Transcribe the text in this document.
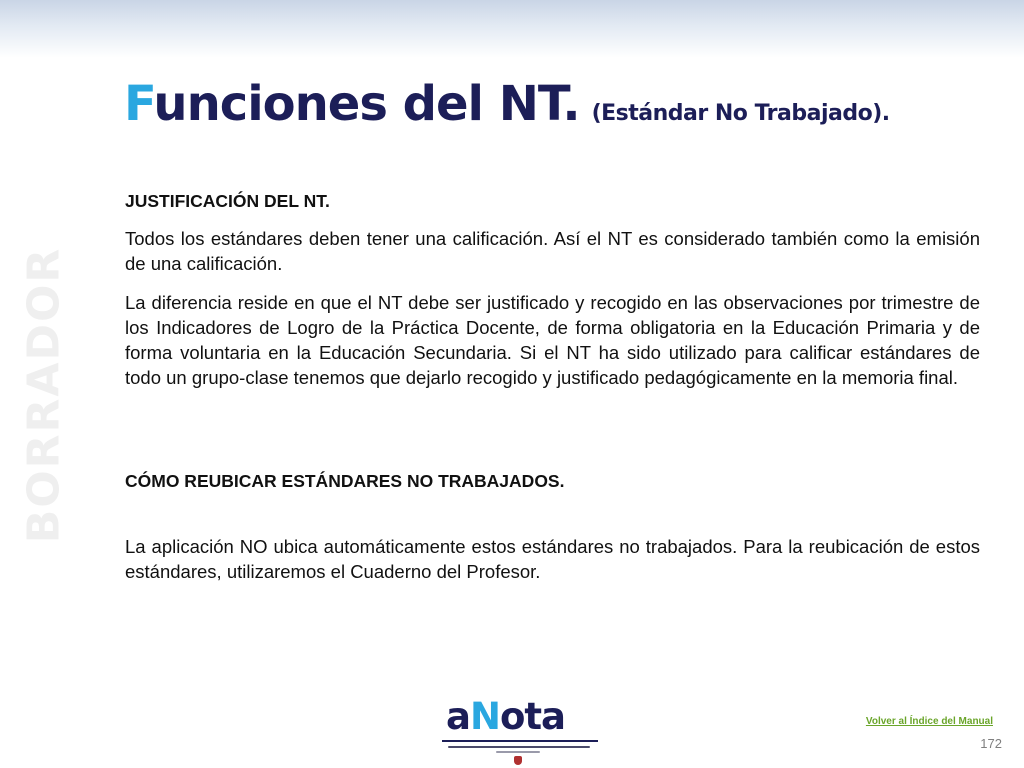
BORRADOR
Funciones del NT. (Estándar No Trabajado).

JUSTIFICACIÓN DEL NT.

Todos los estándares deben tener una calificación. Así el NT es considerado también como la emisión de una calificación.

La diferencia reside en que el NT debe ser justificado y recogido en las observaciones por trimestre de los Indicadores de Logro de la Práctica Docente, de forma obligatoria en la Educación Primaria y de forma voluntaria en la Educación Secundaria. Si el NT ha sido utilizado para calificar estándares de todo un grupo-clase tenemos que dejarlo recogido y justificado pedagógicamente en la memoria final.

CÓMO REUBICAR ESTÁNDARES NO TRABAJADOS.

La aplicación NO ubica automáticamente estos estándares no trabajados. Para la reubicación de estos estándares, utilizaremos el Cuaderno del Profesor.

aNota	Volver al Índice del Manual
172
